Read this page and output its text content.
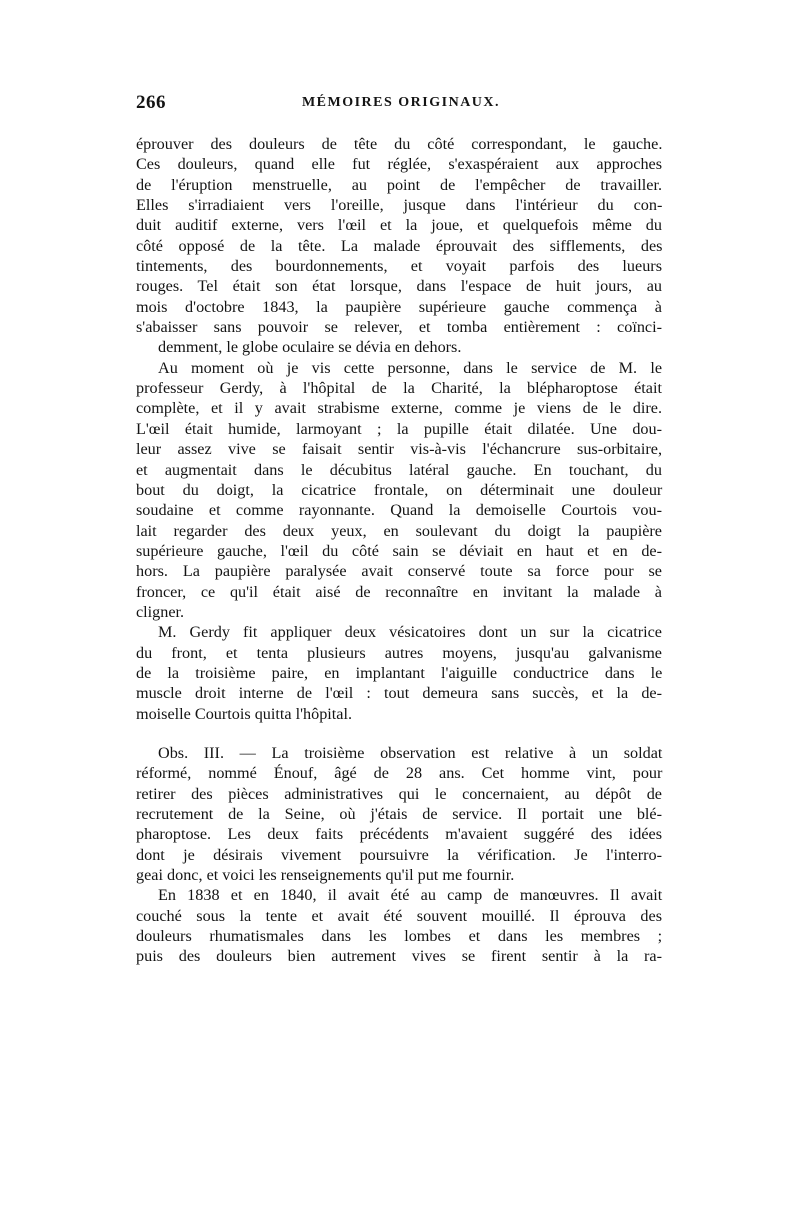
266	MÉMOIRES ORIGINAUX.

éprouver des douleurs de tête du côté correspondant, le gauche.
Ces douleurs, quand elle fut réglée, s'exaspéraient aux approches
de l'éruption menstruelle, au point de l'empêcher de travailler.
Elles s'irradiaient vers l'oreille, jusque dans l'intérieur du con-
duit auditif externe, vers l'œil et la joue, et quelquefois même du
côté opposé de la tête. La malade éprouvait des sifflements, des
tintements, des bourdonnements, et voyait parfois des lueurs
rouges. Tel était son état lorsque, dans l'espace de huit jours, au
mois d'octobre 1843, la paupière supérieure gauche commença à
s'abaisser sans pouvoir se relever, et tomba entièrement : coïnci-
demment, le globe oculaire se dévia en dehors.

Au moment où je vis cette personne, dans le service de M. le
professeur Gerdy, à l'hôpital de la Charité, la blépharoptose était
complète, et il y avait strabisme externe, comme je viens de le dire.
L'œil était humide, larmoyant ; la pupille était dilatée. Une dou-
leur assez vive se faisait sentir vis-à-vis l'échancrure sus-orbitaire,
et augmentait dans le décubitus latéral gauche. En touchant, du
bout du doigt, la cicatrice frontale, on déterminait une douleur
soudaine et comme rayonnante. Quand la demoiselle Courtois vou-
lait regarder des deux yeux, en soulevant du doigt la paupière
supérieure gauche, l'œil du côté sain se déviait en haut et en de-
hors. La paupière paralysée avait conservé toute sa force pour se
froncer, ce qu'il était aisé de reconnaître en invitant la malade à
cligner.

M. Gerdy fit appliquer deux vésicatoires dont un sur la cicatrice
du front, et tenta plusieurs autres moyens, jusqu'au galvanisme
de la troisième paire, en implantant l'aiguille conductrice dans le
muscle droit interne de l'œil : tout demeura sans succès, et la de-
moiselle Courtois quitta l'hôpital.

Obs. III. — La troisième observation est relative à un soldat
réformé, nommé Énouf, âgé de 28 ans. Cet homme vint, pour
retirer des pièces administratives qui le concernaient, au dépôt de
recrutement de la Seine, où j'étais de service. Il portait une blé-
pharoptose. Les deux faits précédents m'avaient suggéré des idées
dont je désirais vivement poursuivre la vérification. Je l'interro-
geai donc, et voici les renseignements qu'il put me fournir.

En 1838 et en 1840, il avait été au camp de manœuvres. Il avait
couché sous la tente et avait été souvent mouillé. Il éprouva des
douleurs rhumatismales dans les lombes et dans les membres ;
puis des douleurs bien autrement vives se firent sentir à la ra-
